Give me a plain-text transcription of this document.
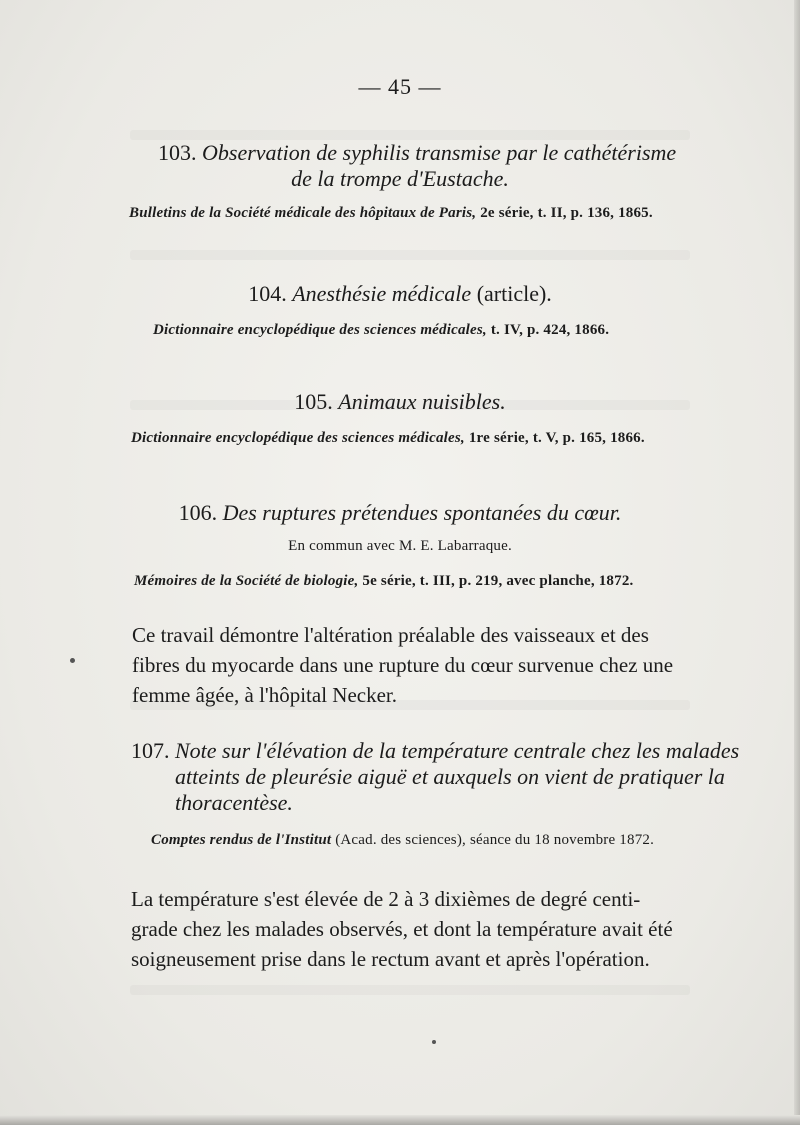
— 45 —
103. Observation de syphilis transmise par le cathétérisme
de la trompe d'Eustache.
Bulletins de la Société médicale des hôpitaux de Paris, 2e série, t. II, p. 136, 1865.
104. Anesthésie médicale (article).
Dictionnaire encyclopédique des sciences médicales, t. IV, p. 424, 1866.
105. Animaux nuisibles.
Dictionnaire encyclopédique des sciences médicales, 1re série, t. V, p. 165, 1866.
106. Des ruptures prétendues spontanées du cœur.
En commun avec M. E. Labarraque.
Mémoires de la Société de biologie, 5e série, t. III, p. 219, avec planche, 1872.
Ce travail démontre l'altération préalable des vaisseaux et des
fibres du myocarde dans une rupture du cœur survenue chez une
femme âgée, à l'hôpital Necker.
107. Note sur l'élévation de la température centrale chez les malades
atteints de pleurésie aiguë et auxquels on vient de pratiquer la
thoracentèse.
Comptes rendus de l'Institut (Acad. des sciences), séance du 18 novembre 1872.
La température s'est élevée de 2 à 3 dixièmes de degré centi-
grade chez les malades observés, et dont la température avait été
soigneusement prise dans le rectum avant et après l'opération.
